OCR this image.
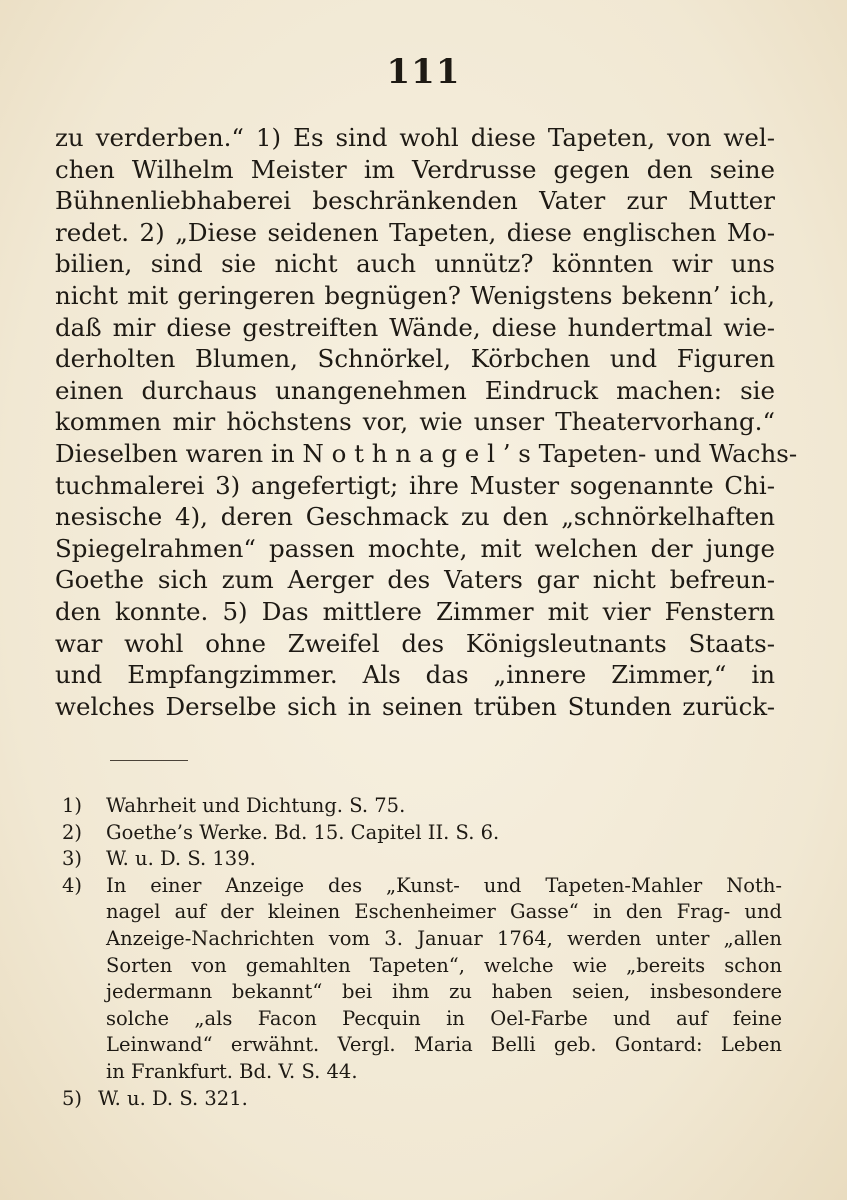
111
zu verderben.“ 1) Es sind wohl diese Tapeten, von wel-
chen Wilhelm Meister im Verdrusse gegen den seine
Bühnenliebhaberei beschränkenden Vater zur Mutter
redet. 2) „Diese seidenen Tapeten, diese englischen Mo-
bilien, sind sie nicht auch unnütz? könnten wir uns
nicht mit geringeren begnügen? Wenigstens bekenn’ ich,
daß mir diese gestreiften Wände, diese hundertmal wie-
derholten Blumen, Schnörkel, Körbchen und Figuren
einen durchaus unangenehmen Eindruck machen: sie
kommen mir höchstens vor, wie unser Theatervorhang.“
Dieselben waren in N o t h n a g e l ’ s Tapeten- und Wachs-
tuchmalerei 3) angefertigt; ihre Muster sogenannte Chi-
nesische 4), deren Geschmack zu den „schnörkelhaften
Spiegelrahmen“ passen mochte, mit welchen der junge
Goethe sich zum Aerger des Vaters gar nicht befreun-
den konnte. 5) Das mittlere Zimmer mit vier Fenstern
war wohl ohne Zweifel des Königsleutnants Staats-
und Empfangzimmer. Als das „innere Zimmer,“ in
welches Derselbe sich in seinen trüben Stunden zurück-
1) Wahrheit und Dichtung. S. 75.
2) Goethe’s Werke. Bd. 15. Capitel II. S. 6.
3) W. u. D. S. 139.
4) In einer Anzeige des „Kunst- und Tapeten-Mahler Noth-
nagel auf der kleinen Eschenheimer Gasse“ in den Frag- und
Anzeige-Nachrichten vom 3. Januar 1764, werden unter „allen
Sorten von gemahlten Tapeten“, welche wie „bereits schon
jedermann bekannt“ bei ihm zu haben seien, insbesondere
solche „als Facon Pecquin in Oel-Farbe und auf feine
Leinwand“ erwähnt. Vergl. Maria Belli geb. Gontard: Leben
in Frankfurt. Bd. V. S. 44.
5) W. u. D. S. 321.
